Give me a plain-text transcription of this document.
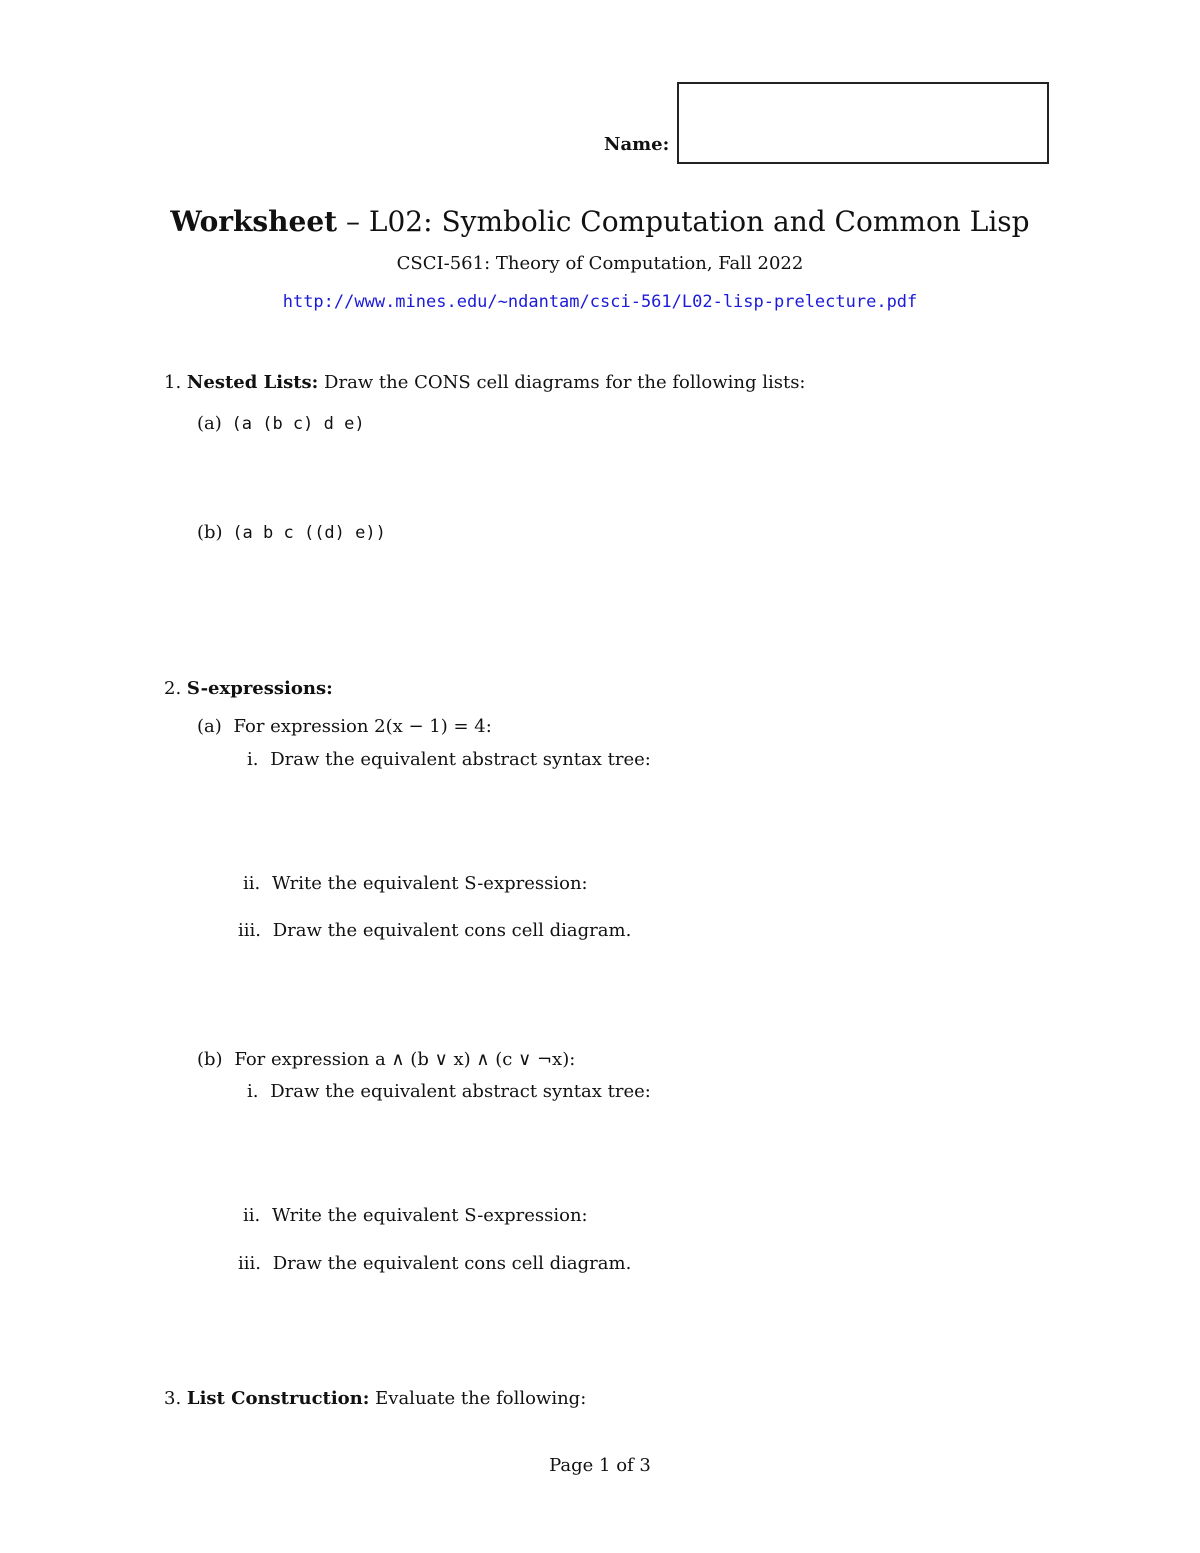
Name:
Worksheet – L02: Symbolic Computation and Common Lisp
CSCI-561: Theory of Computation, Fall 2022
http://www.mines.edu/~ndantam/csci-561/L02-lisp-prelecture.pdf
1. Nested Lists: Draw the CONS cell diagrams for the following lists:
(a) (a (b c) d e)
(b) (a b c ((d) e))
2. S-expressions:
(a) For expression 2(x − 1) = 4:
i. Draw the equivalent abstract syntax tree:
ii. Write the equivalent S-expression:
iii. Draw the equivalent cons cell diagram.
(b) For expression a ∧ (b ∨ x) ∧ (c ∨ ¬x):
i. Draw the equivalent abstract syntax tree:
ii. Write the equivalent S-expression:
iii. Draw the equivalent cons cell diagram.
3. List Construction: Evaluate the following:
Page 1 of 3
